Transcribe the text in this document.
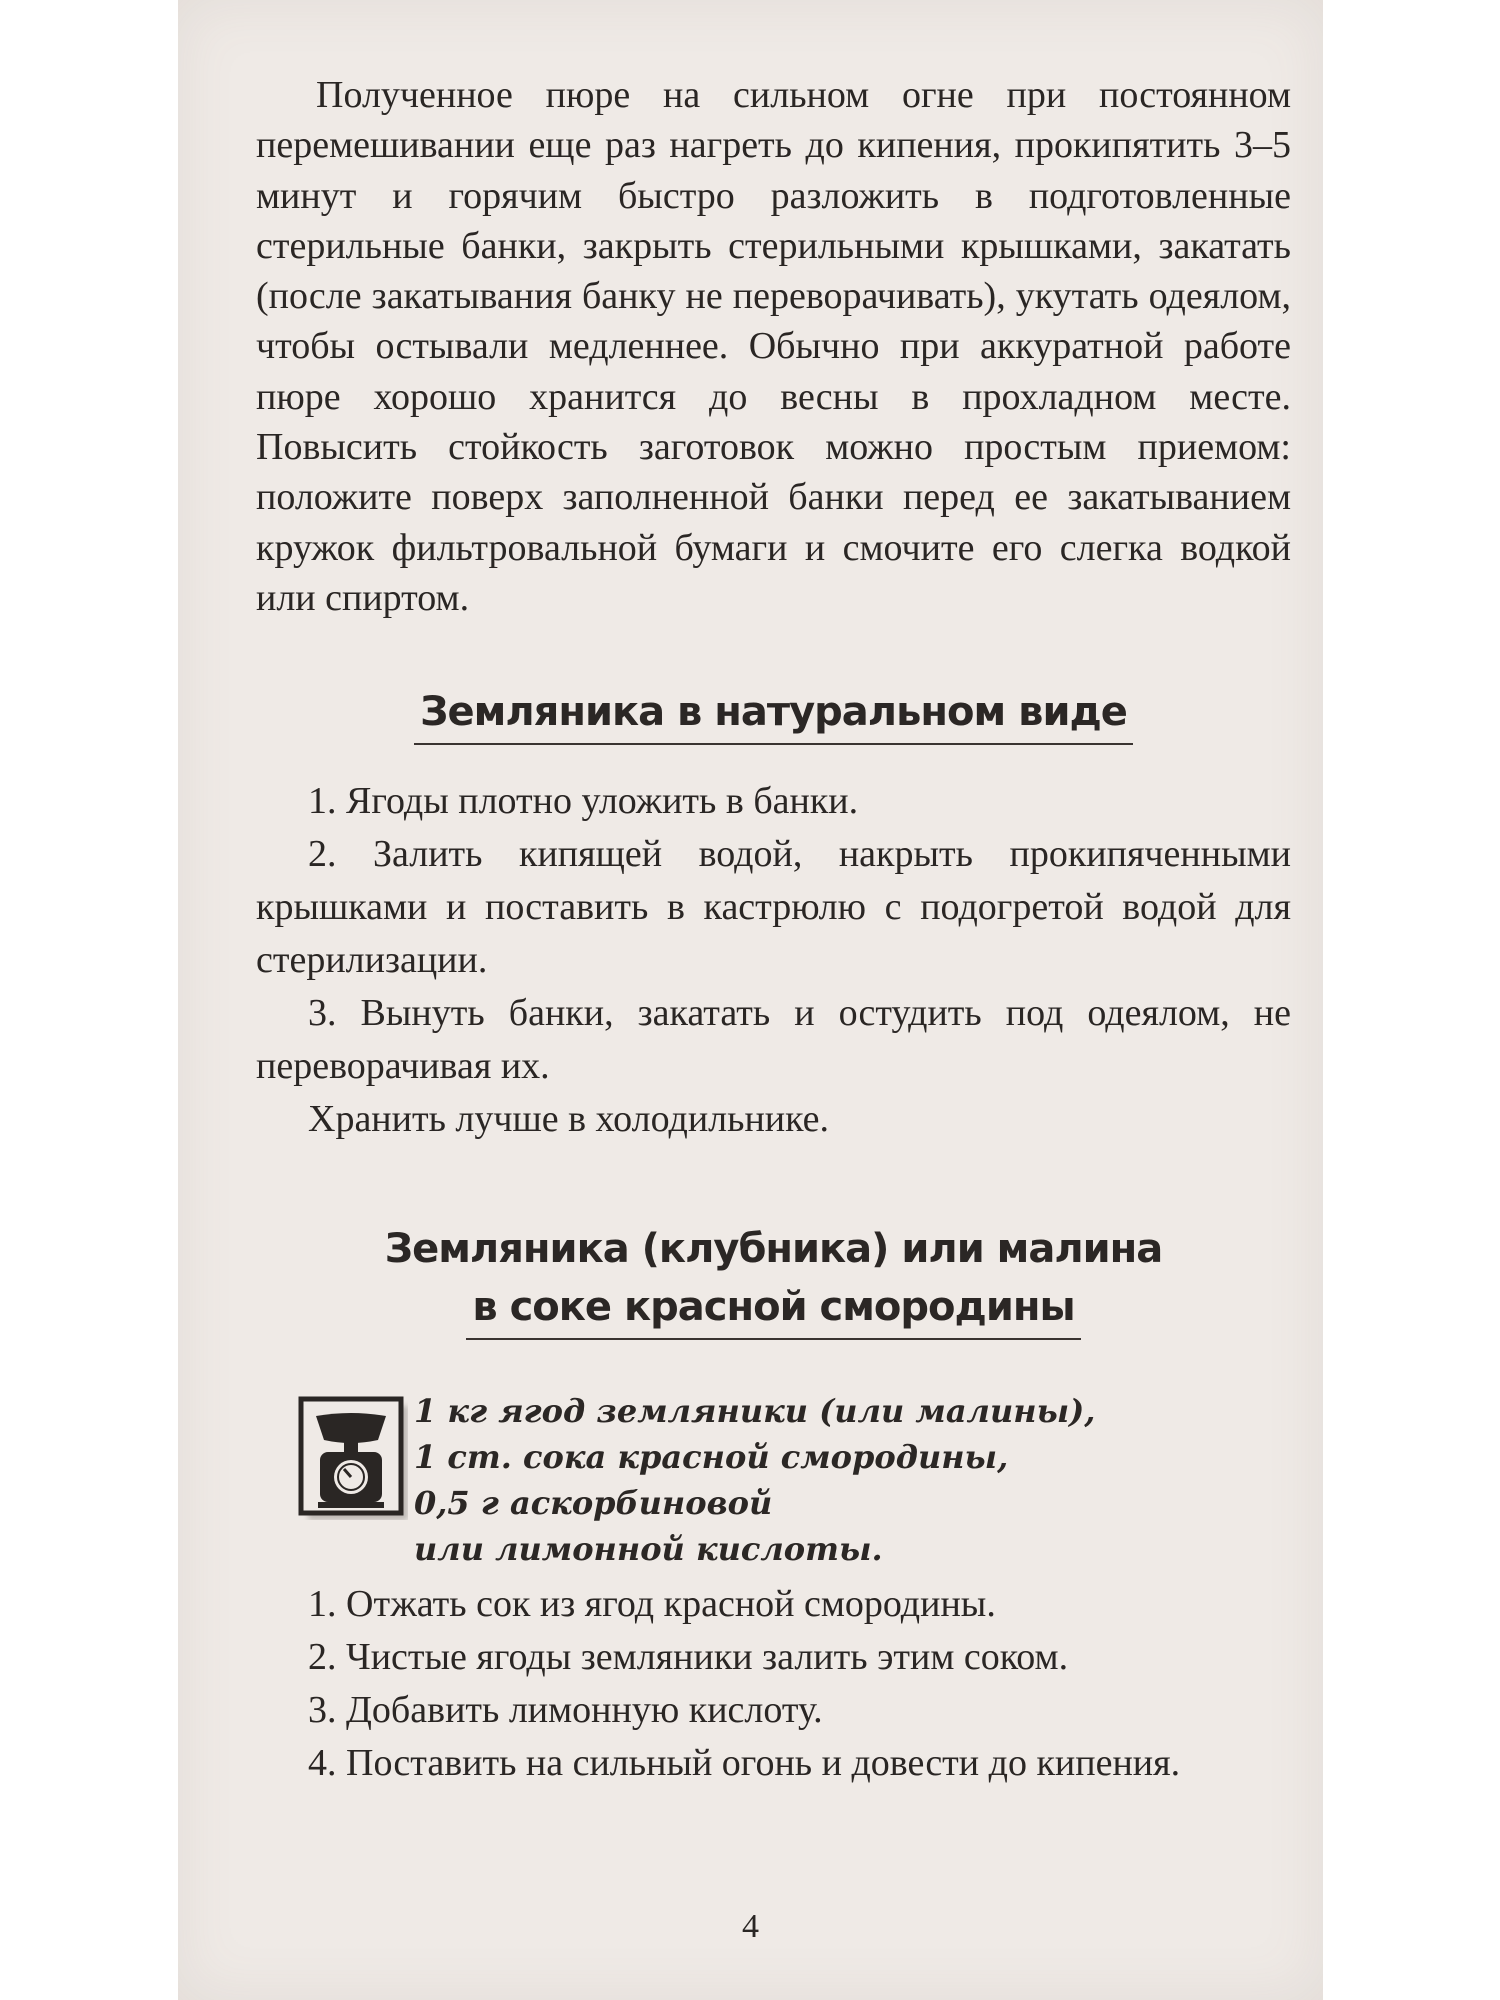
Полученное пюре на сильном огне при постоянном перемешивании еще раз нагреть до кипения, прокипятить 3–5 минут и горячим быстро разложить в подготовленные стерильные банки, закрыть стерильными крышками, закатать (после закатывания банку не переворачивать), укутать одеялом, чтобы остывали медленнее. Обычно при аккуратной работе пюре хорошо хранится до весны в прохладном месте. Повысить стойкость заготовок можно простым приемом: положите поверх заполненной банки перед ее закатыванием кружок фильтровальной бумаги и смочите его слегка водкой или спиртом.

Земляника в натуральном виде
1. Ягоды плотно уложить в банки.
2. Залить кипящей водой, накрыть прокипяченными крышками и поставить в кастрюлю с подогретой водой для стерилизации.
3. Вынуть банки, закатать и остудить под одеялом, не переворачивая их.
Хранить лучше в холодильнике.
Земляника (клубника) или малина
в соке красной смородины
1 кг ягод земляники (или малины),
1 ст. сока красной смородины,
0,5 г аскорбиновой
или лимонной кислоты.
1. Отжать сок из ягод красной смородины.
2. Чистые ягоды земляники залить этим соком.
3. Добавить лимонную кислоту.
4. Поставить на сильный огонь и довести до кипения.
4
